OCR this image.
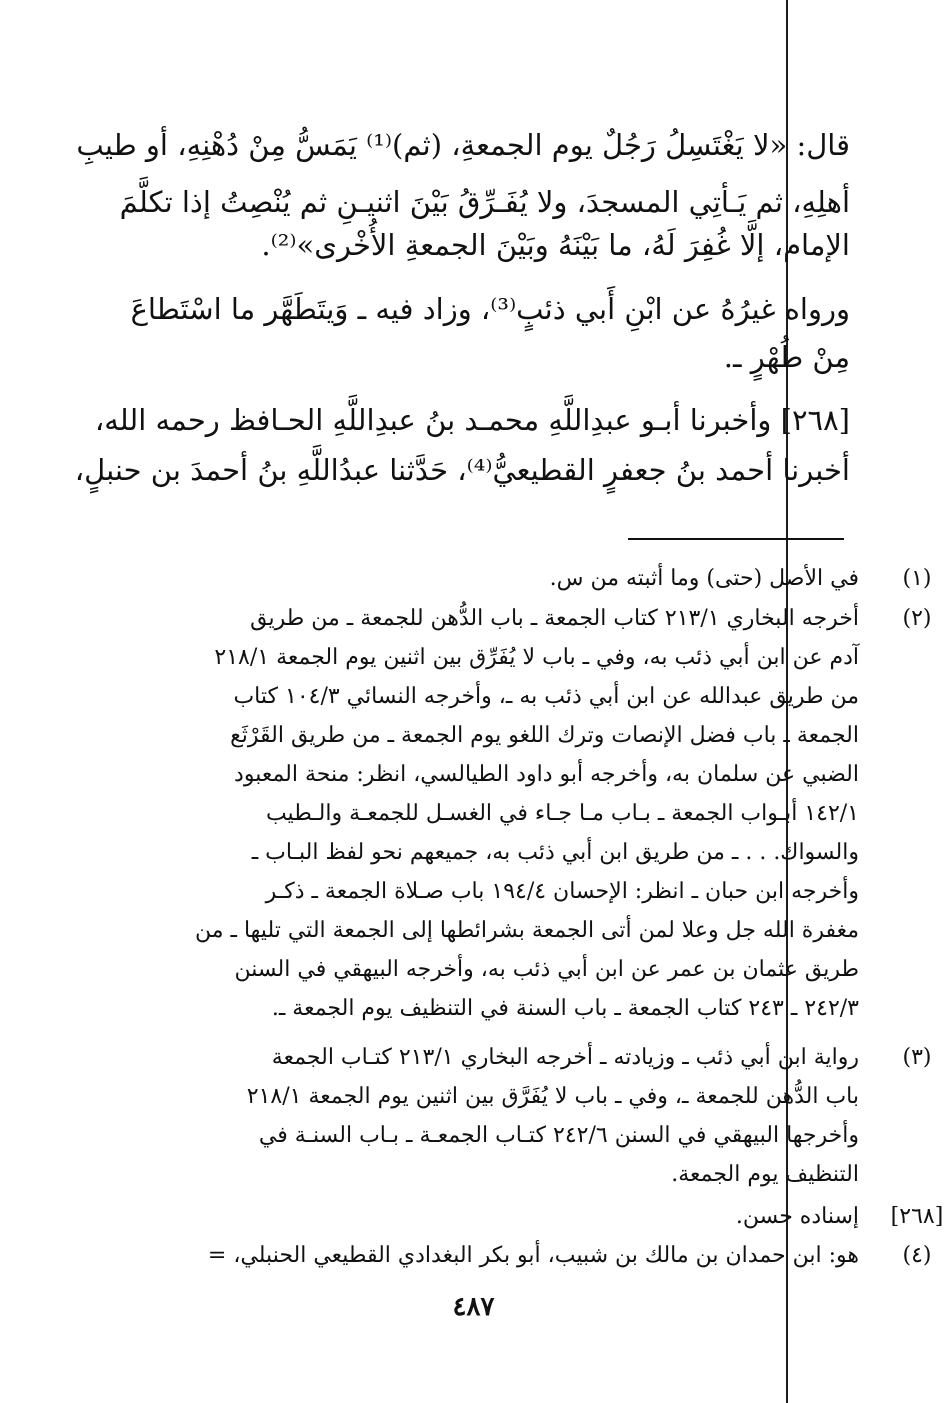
قال: «لا يَغْتَسِلُ رَجُلٌ يوم الجمعةِ، (ثم)⁽¹⁾ يَمَسُّ مِنْ دُهْنِهِ، أو طيبِ
أهلِهِ، ثم يَـأتِي المسجدَ، ولا يُفَـرِّقُ بَيْنَ اثنيـنِ ثم يُنْصِتُ إذا تكلَّمَ
الإمام، إلَّا غُفِرَ لَهُ، ما بَيْنَهُ وبَيْنَ الجمعةِ الأُخْرى»⁽²⁾.
ورواه غيرُهُ عن ابْنِ أَبي ذئبٍ⁽³⁾، وزاد فيه ـ وَيتَطَهَّر ما اسْتَطاعَ
مِنْ طُهْرٍ ـ.
[٢٦٨] وأخبرنا أبـو عبدِاللَّهِ محمـد بنُ عبدِاللَّهِ الحـافظ رحمه الله،
أخبرنا أحمد بنُ جعفرٍ القطيعيُّ⁽⁴⁾، حَدَّثنا عبدُاللَّهِ بنُ أحمدَ بن حنبلٍ،
(١)
في الأصل (حتى) وما أثبته من س.
(٢)
أخرجه البخاري ٢١٣/١ كتاب الجمعة ـ باب الدُّهن للجمعة ـ من طريق
آدم عن ابن أبي ذئب به، وفي ـ باب لا يُفَرِّق بين اثنين يوم الجمعة ٢١٨/١
من طريق عبدالله عن ابن أبي ذئب به ـ، وأخرجه النسائي ١٠٤/٣ كتاب
الجمعة ـ باب فضل الإنصات وترك اللغو يوم الجمعة ـ من طريق القَرْثَع
الضبي عن سلمان به، وأخرجه أبو داود الطيالسي، انظر: منحة المعبود
١٤٢/١ أبـواب الجمعة ـ بـاب مـا جـاء في الغسـل للجمعـة والـطيب
والسواك. . . ـ من طريق ابن أبي ذئب به، جميعهم نحو لفظ البـاب ـ
وأخرجه ابن حبان ـ انظر: الإحسان ١٩٤/٤ باب صـلاة الجمعة ـ ذكـر
مغفرة الله جل وعلا لمن أتى الجمعة بشرائطها إلى الجمعة التي تليها ـ من
طريق عثمان بن عمر عن ابن أبي ذئب به، وأخرجه البيهقي في السنن
٢٤٢/٣ ـ ٢٤٣ كتاب الجمعة ـ باب السنة في التنظيف يوم الجمعة ـ.
(٣)
رواية ابن أبي ذئب ـ وزيادته ـ أخرجه البخاري ٢١٣/١ كتـاب الجمعة
باب الدُّهن للجمعة ـ، وفي ـ باب لا يُفَرَّق بين اثنين يوم الجمعة ٢١٨/١
وأخرجها البيهقي في السنن ٢٤٢/٦ كتـاب الجمعـة ـ بـاب السنـة في
التنظيف يوم الجمعة.
[٢٦٨]
إسناده حسن.
(٤)
هو: ابن حمدان بن مالك بن شبيب، أبو بكر البغدادي القطيعي الحنبلي، =
٤٨٧
